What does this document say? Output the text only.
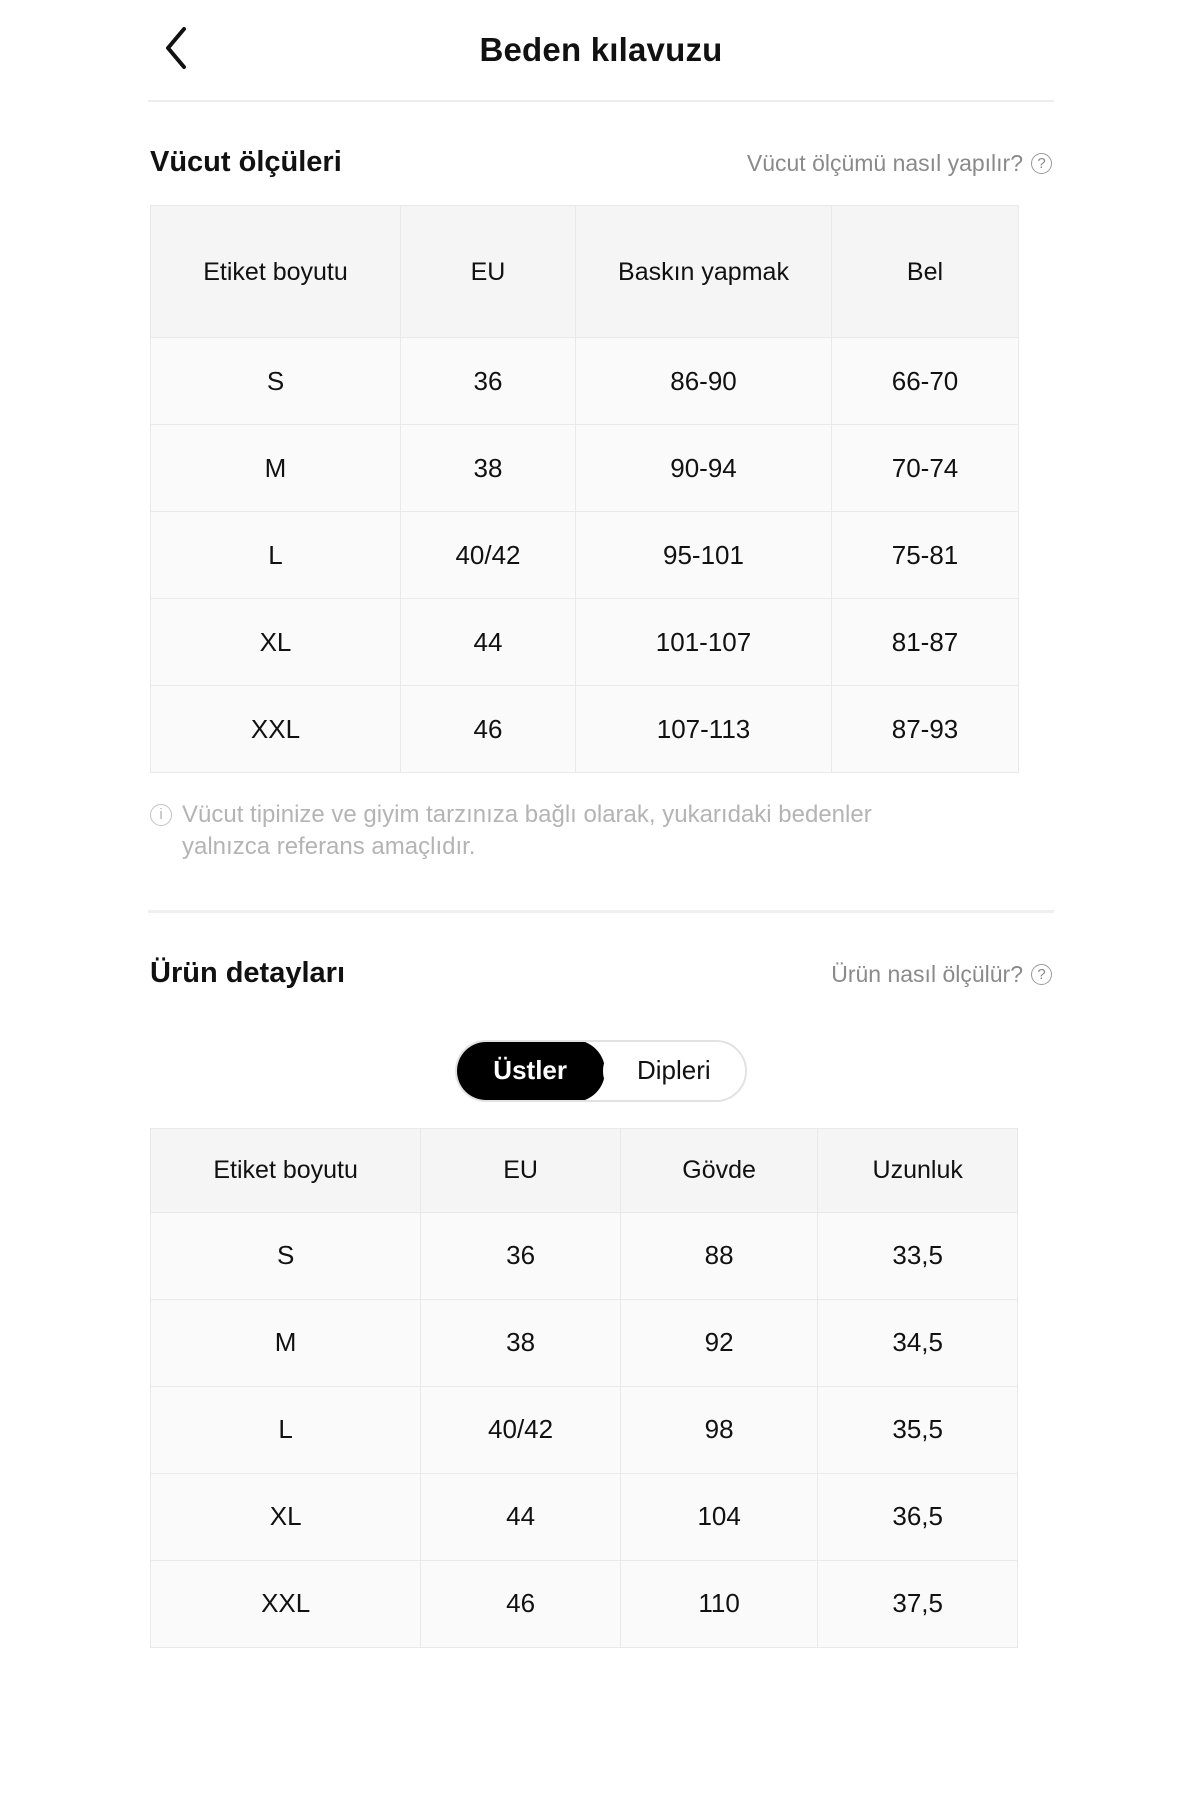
Beden kılavuzu
Vücut ölçüleri	Vücut ölçümü nasıl yapılır? ?
Etiket boyutu	EU	Baskın yapmak	Bel
S	36	86-90	66-70
M	38	90-94	70-74
L	40/42	95-101	75-81
XL	44	101-107	81-87
XXL	46	107-113	87-93
i Vücut tipinize ve giyim tarzınıza bağlı olarak, yukarıdaki bedenler yalnızca referans amaçlıdır.
Ürün detayları	Ürün nasıl ölçülür? ?
Üstler	Dipleri
Etiket boyutu	EU	Gövde	Uzunluk
S	36	88	33,5
M	38	92	34,5
L	40/42	98	35,5
XL	44	104	36,5
XXL	46	110	37,5
